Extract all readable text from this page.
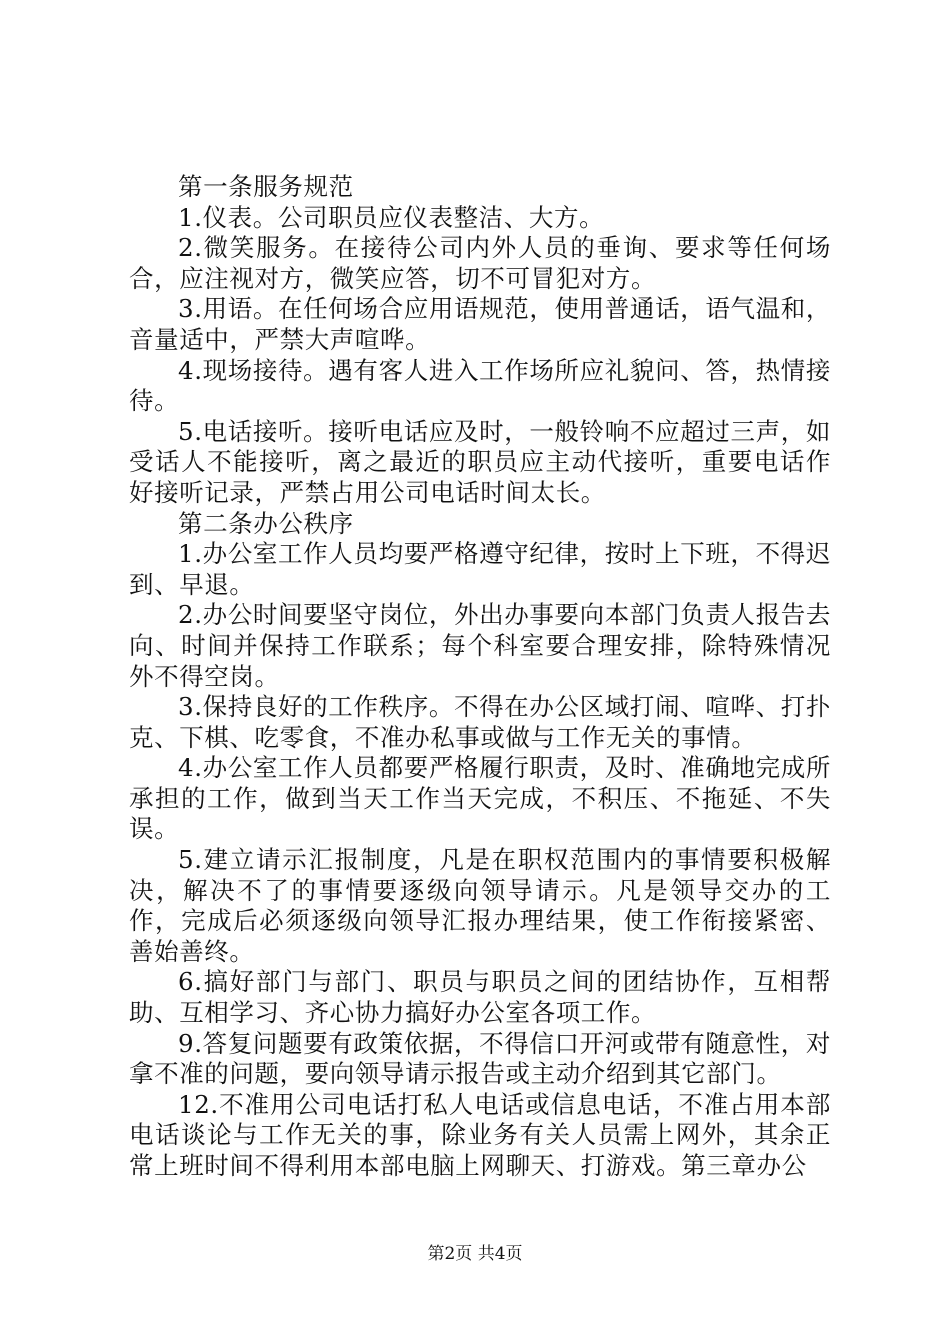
第一条服务规范

1.仪表。公司职员应仪表整洁、大方。

2.微笑服务。在接待公司内外人员的垂询、要求等任何场合，应注视对方，微笑应答，切不可冒犯对方。

3.用语。在任何场合应用语规范，使用普通话，语气温和，音量适中，严禁大声喧哗。

4.现场接待。遇有客人进入工作场所应礼貌问、答，热情接待。

5.电话接听。接听电话应及时，一般铃响不应超过三声，如受话人不能接听，离之最近的职员应主动代接听，重要电话作好接听记录，严禁占用公司电话时间太长。

第二条办公秩序

1.办公室工作人员均要严格遵守纪律，按时上下班，不得迟到、早退。

2.办公时间要坚守岗位，外出办事要向本部门负责人报告去向、时间并保持工作联系；每个科室要合理安排，除特殊情况外不得空岗。

3.保持良好的工作秩序。不得在办公区域打闹、喧哗、打扑克、下棋、吃零食，不准办私事或做与工作无关的事情。

4.办公室工作人员都要严格履行职责，及时、准确地完成所承担的工作，做到当天工作当天完成，不积压、不拖延、不失误。

5.建立请示汇报制度，凡是在职权范围内的事情要积极解决，解决不了的事情要逐级向领导请示。凡是领导交办的工作，完成后必须逐级向领导汇报办理结果，使工作衔接紧密、善始善终。

6.搞好部门与部门、职员与职员之间的团结协作，互相帮助、互相学习、齐心协力搞好办公室各项工作。

9.答复问题要有政策依据，不得信口开河或带有随意性，对拿不准的问题，要向领导请示报告或主动介绍到其它部门。

12.不准用公司电话打私人电话或信息电话，不准占用本部电话谈论与工作无关的事，除业务有关人员需上网外，其余正常上班时间不得利用本部电脑上网聊天、打游戏。第三章办公

第2页 共4页
